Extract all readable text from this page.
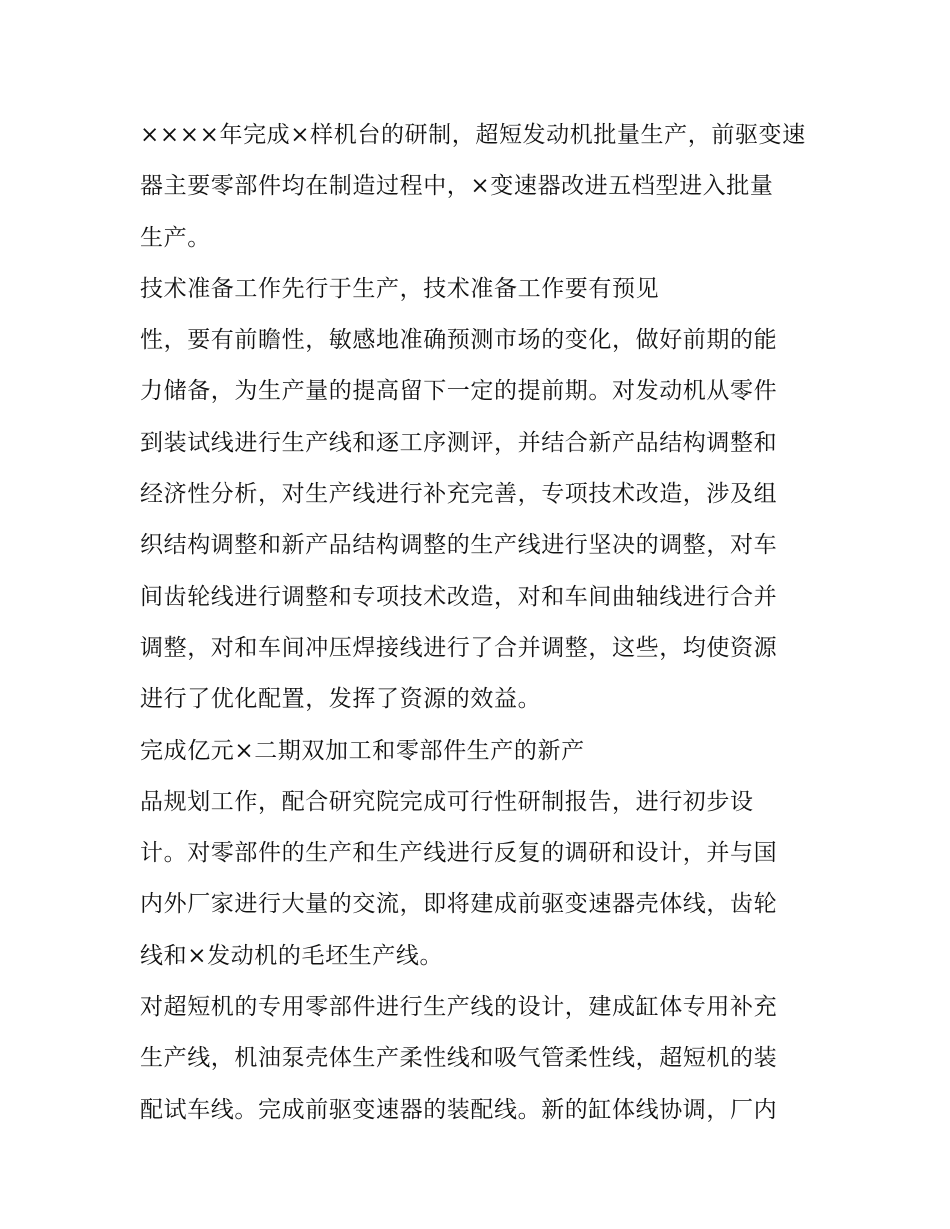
××××年完成×样机台的研制，超短发动机批量生产，前驱变速
器主要零部件均在制造过程中，×变速器改进五档型进入批量
生产。
技术准备工作先行于生产，技术准备工作要有预见
性，要有前瞻性，敏感地准确预测市场的变化，做好前期的能
力储备，为生产量的提高留下一定的提前期。对发动机从零件
到装试线进行生产线和逐工序测评，并结合新产品结构调整和
经济性分析，对生产线进行补充完善，专项技术改造，涉及组
织结构调整和新产品结构调整的生产线进行坚决的调整，对车
间齿轮线进行调整和专项技术改造，对和车间曲轴线进行合并
调整，对和车间冲压焊接线进行了合并调整，这些，均使资源
进行了优化配置，发挥了资源的效益。
完成亿元×二期双加工和零部件生产的新产
品规划工作，配合研究院完成可行性研制报告，进行初步设
计。对零部件的生产和生产线进行反复的调研和设计，并与国
内外厂家进行大量的交流，即将建成前驱变速器壳体线，齿轮
线和×发动机的毛坯生产线。
对超短机的专用零部件进行生产线的设计，建成缸体专用补充
生产线，机油泵壳体生产柔性线和吸气管柔性线，超短机的装
配试车线。完成前驱变速器的装配线。新的缸体线协调，厂内
